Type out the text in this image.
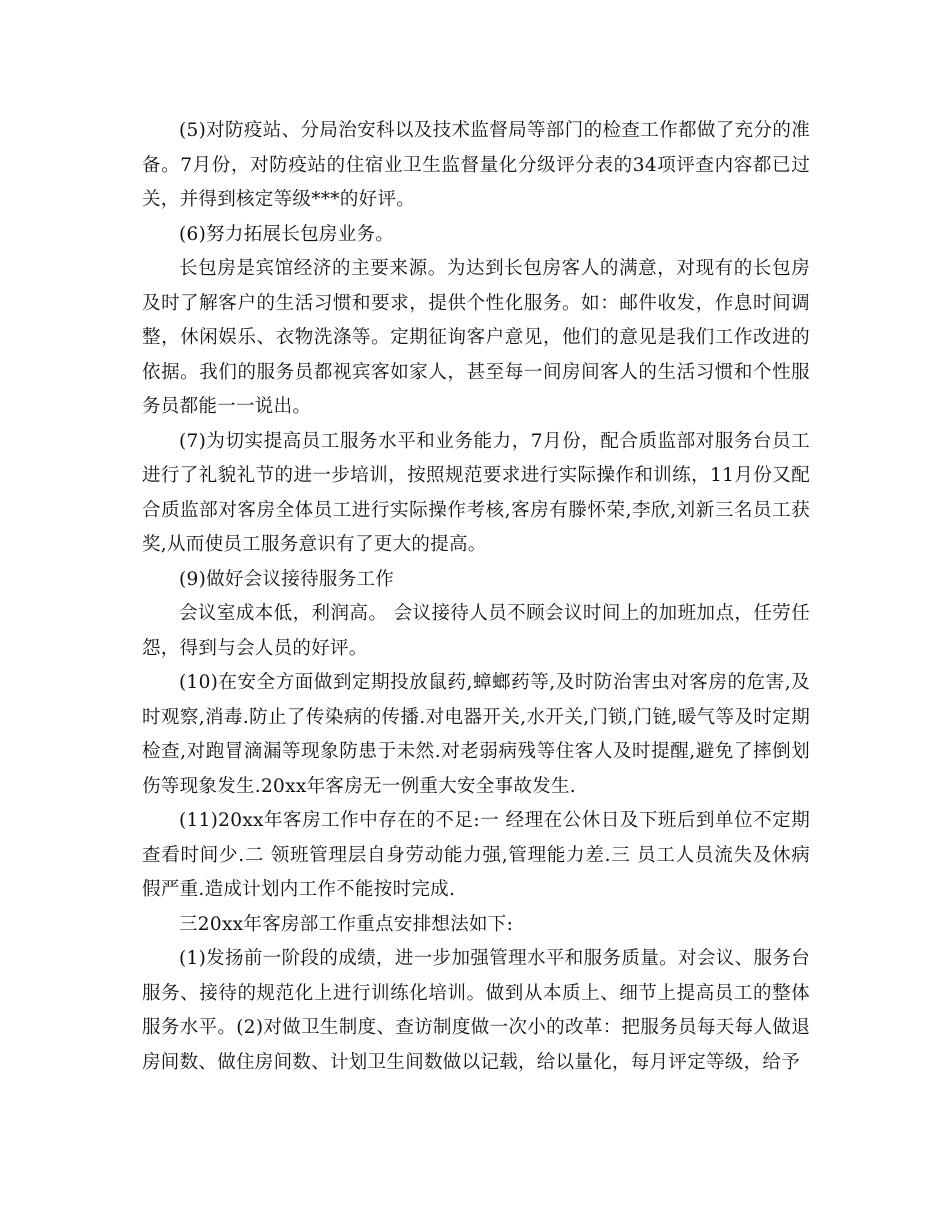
(5)对防疫站、分局治安科以及技术监督局等部门的检查工作都做了充分的准备。7月份，对防疫站的住宿业卫生监督量化分级评分表的34项评查内容都已过关，并得到核定等级***的好评。

(6)努力拓展长包房业务。

长包房是宾馆经济的主要来源。为达到长包房客人的满意，对现有的长包房及时了解客户的生活习惯和要求，提供个性化服务。如：邮件收发，作息时间调整，休闲娱乐、衣物洗涤等。定期征询客户意见，他们的意见是我们工作改进的依据。我们的服务员都视宾客如家人，甚至每一间房间客人的生活习惯和个性服务员都能一一说出。

(7)为切实提高员工服务水平和业务能力，7月份，配合质监部对服务台员工进行了礼貌礼节的进一步培训，按照规范要求进行实际操作和训练，11月份又配合质监部对客房全体员工进行实际操作考核,客房有滕怀荣,李欣,刘新三名员工获奖,从而使员工服务意识有了更大的提高。

(9)做好会议接待服务工作

会议室成本低，利润高。 会议接待人员不顾会议时间上的加班加点，任劳任怨，得到与会人员的好评。

(10)在安全方面做到定期投放鼠药,蟑螂药等,及时防治害虫对客房的危害,及时观察,消毒.防止了传染病的传播.对电器开关,水开关,门锁,门链,暖气等及时定期检查,对跑冒滴漏等现象防患于未然.对老弱病残等住客人及时提醒,避免了摔倒划伤等现象发生.20xx年客房无一例重大安全事故发生.

(11)20xx年客房工作中存在的不足:一 经理在公休日及下班后到单位不定期查看时间少.二 领班管理层自身劳动能力强,管理能力差.三 员工人员流失及休病假严重.造成计划内工作不能按时完成.

三20xx年客房部工作重点安排想法如下:

(1)发扬前一阶段的成绩，进一步加强管理水平和服务质量。对会议、服务台服务、接待的规范化上进行训练化培训。做到从本质上、细节上提高员工的整体服务水平。(2)对做卫生制度、查访制度做一次小的改革：把服务员每天每人做退房间数、做住房间数、计划卫生间数做以记载，给以量化，每月评定等级，给予
